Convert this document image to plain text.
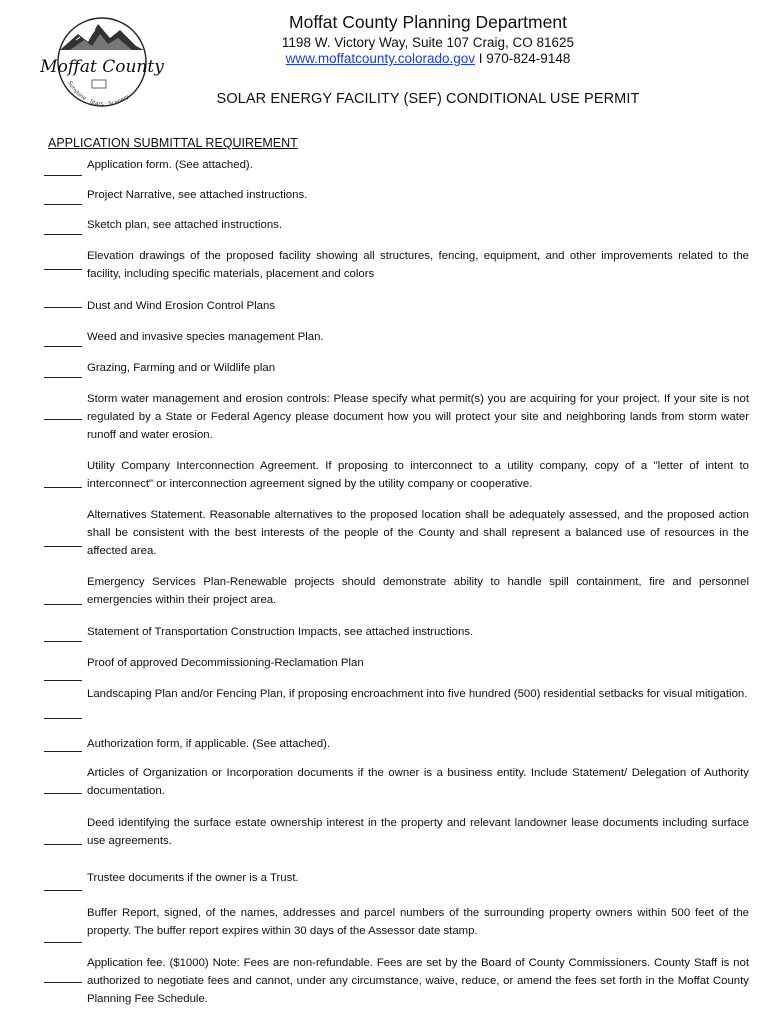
Moffat County
Sunshine · Stars · Scenery
Moffat County Planning Department
1198 W. Victory Way, Suite 107 Craig, CO 81625
www.moffatcounty.colorado.gov I 970-824-9148
SOLAR ENERGY FACILITY (SEF) CONDITIONAL USE PERMIT
APPLICATION SUBMITTAL REQUIREMENT
Application form. (See attached).
Project Narrative, see attached instructions.
Sketch plan, see attached instructions.
Elevation drawings of the proposed facility showing all structures, fencing, equipment, and other improvements related to the facility, including specific materials, placement and colors
Dust and Wind Erosion Control Plans
Weed and invasive species management Plan.
Grazing, Farming and or Wildlife plan
Storm water management and erosion controls: Please specify what permit(s) you are acquiring for your project. If your site is not regulated by a State or Federal Agency please document how you will protect your site and neighboring lands from storm water runoff and water erosion.
Utility Company Interconnection Agreement. If proposing to interconnect to a utility company, copy of a "letter of intent to interconnect" or interconnection agreement signed by the utility company or cooperative.
Alternatives Statement. Reasonable alternatives to the proposed location shall be adequately assessed, and the proposed action shall be consistent with the best interests of the people of the County and shall represent a balanced use of resources in the affected area.
Emergency Services Plan-Renewable projects should demonstrate ability to handle spill containment, fire and personnel emergencies within their project area.
Statement of Transportation Construction Impacts, see attached instructions.
Proof of approved Decommissioning-Reclamation Plan
Landscaping Plan and/or Fencing Plan, if proposing encroachment into five hundred (500) residential setbacks for visual mitigation.
Authorization form, if applicable. (See attached).
Articles of Organization or Incorporation documents if the owner is a business entity. Include Statement/ Delegation of Authority documentation.
Deed identifying the surface estate ownership interest in the property and relevant landowner lease documents including surface use agreements.
Trustee documents if the owner is a Trust.
Buffer Report, signed, of the names, addresses and parcel numbers of the surrounding property owners within 500 feet of the property. The buffer report expires within 30 days of the Assessor date stamp.
Application fee. ($1000) Note: Fees are non-refundable. Fees are set by the Board of County Commissioners. County Staff is not authorized to negotiate fees and cannot, under any circumstance, waive, reduce, or amend the fees set forth in the Moffat County Planning Fee Schedule.
